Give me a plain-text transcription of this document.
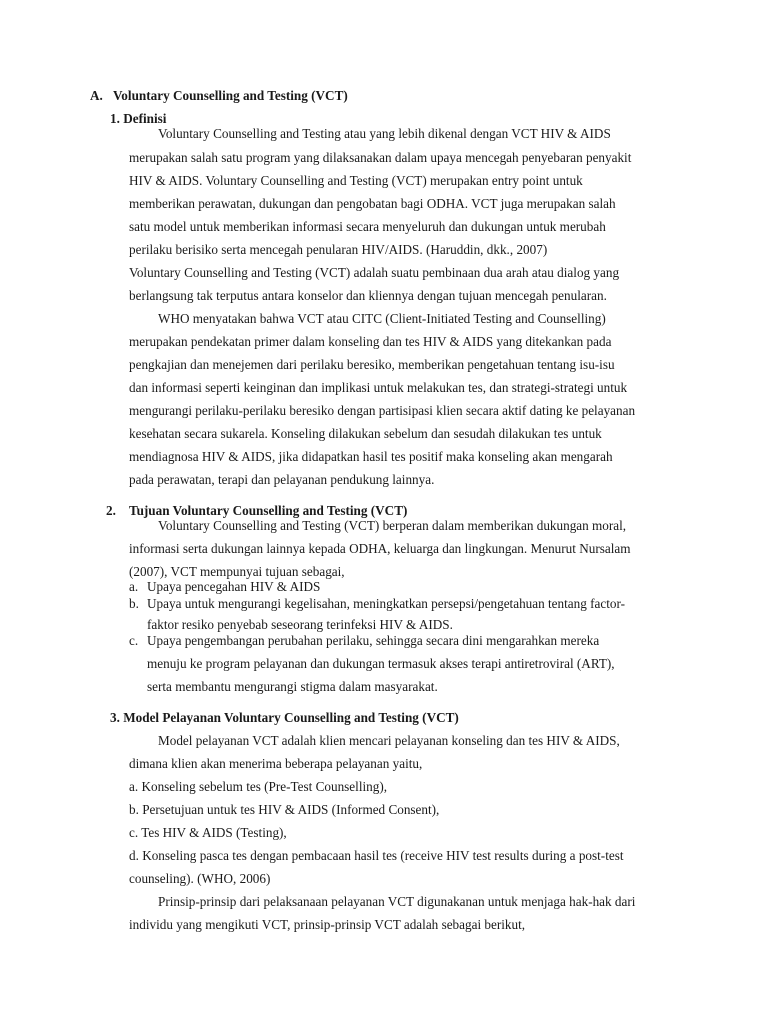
A. Voluntary Counselling and Testing (VCT)
1. Definisi
Voluntary Counselling and Testing atau yang lebih dikenal dengan VCT HIV & AIDS
merupakan salah satu program yang dilaksanakan dalam upaya mencegah penyebaran penyakit
HIV & AIDS. Voluntary Counselling and Testing (VCT) merupakan entry point untuk
memberikan perawatan, dukungan dan pengobatan bagi ODHA. VCT juga merupakan salah
satu model untuk memberikan informasi secara menyeluruh dan dukungan untuk merubah
perilaku berisiko serta mencegah penularan HIV/AIDS. (Haruddin, dkk., 2007)
Voluntary Counselling and Testing (VCT) adalah suatu pembinaan dua arah atau dialog yang
berlangsung tak terputus antara konselor dan kliennya dengan tujuan mencegah penularan.
WHO menyatakan bahwa VCT atau CITC (Client-Initiated Testing and Counselling)
merupakan pendekatan primer dalam konseling dan tes HIV & AIDS yang ditekankan pada
pengkajian dan menejemen dari perilaku beresiko, memberikan pengetahuan tentang isu-isu
dan informasi seperti keinginan dan implikasi untuk melakukan tes, dan strategi-strategi untuk
mengurangi perilaku-perilaku beresiko dengan partisipasi klien secara aktif dating ke pelayanan
kesehatan secara sukarela. Konseling dilakukan sebelum dan sesudah dilakukan tes untuk
mendiagnosa HIV & AIDS, jika didapatkan hasil tes positif maka konseling akan mengarah
pada perawatan, terapi dan pelayanan pendukung lainnya.
2. Tujuan Voluntary Counselling and Testing (VCT)
Voluntary Counselling and Testing (VCT) berperan dalam memberikan dukungan moral,
informasi serta dukungan lainnya kepada ODHA, keluarga dan lingkungan. Menurut Nursalam
(2007), VCT mempunyai tujuan sebagai,
a. Upaya pencegahan HIV & AIDS
b. Upaya untuk mengurangi kegelisahan, meningkatkan persepsi/pengetahuan tentang factor-
faktor resiko penyebab seseorang terinfeksi HIV & AIDS.
c. Upaya pengembangan perubahan perilaku, sehingga secara dini mengarahkan mereka
menuju ke program pelayanan dan dukungan termasuk akses terapi antiretroviral (ART),
serta membantu mengurangi stigma dalam masyarakat.
3. Model Pelayanan Voluntary Counselling and Testing (VCT)
Model pelayanan VCT adalah klien mencari pelayanan konseling dan tes HIV & AIDS,
dimana klien akan menerima beberapa pelayanan yaitu,
a. Konseling sebelum tes (Pre-Test Counselling),
b. Persetujuan untuk tes HIV & AIDS (Informed Consent),
c. Tes HIV & AIDS (Testing),
d. Konseling pasca tes dengan pembacaan hasil tes (receive HIV test results during a post-test
counseling). (WHO, 2006)
Prinsip-prinsip dari pelaksanaan pelayanan VCT digunakanan untuk menjaga hak-hak dari
individu yang mengikuti VCT, prinsip-prinsip VCT adalah sebagai berikut,
